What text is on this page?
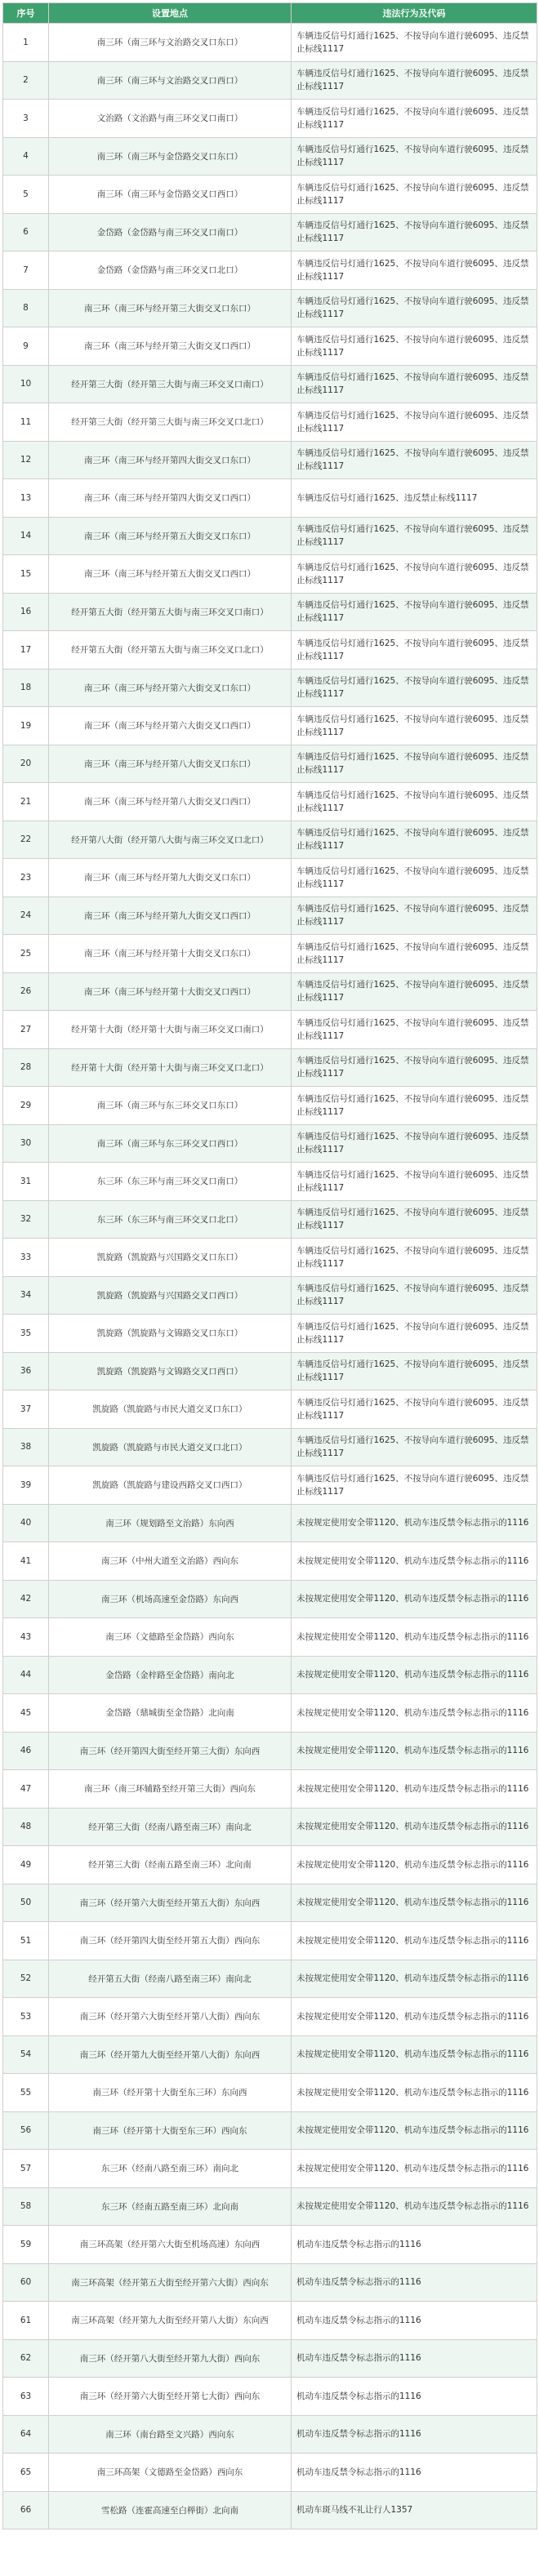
序号	设置地点	违法行为及代码
1	南三环（南三环与文治路交叉口东口）	车辆违反信号灯通行1625、不按导向车道行驶6095、违反禁止标线1117
2	南三环（南三环与文治路交叉口西口）	车辆违反信号灯通行1625、不按导向车道行驶6095、违反禁止标线1117
3	文治路（文治路与南三环交叉口南口）	车辆违反信号灯通行1625、不按导向车道行驶6095、违反禁止标线1117
4	南三环（南三环与金岱路交叉口东口）	车辆违反信号灯通行1625、不按导向车道行驶6095、违反禁止标线1117
5	南三环（南三环与金岱路交叉口西口）	车辆违反信号灯通行1625、不按导向车道行驶6095、违反禁止标线1117
6	金岱路（金岱路与南三环交叉口南口）	车辆违反信号灯通行1625、不按导向车道行驶6095、违反禁止标线1117
7	金岱路（金岱路与南三环交叉口北口）	车辆违反信号灯通行1625、不按导向车道行驶6095、违反禁止标线1117
8	南三环（南三环与经开第三大街交叉口东口）	车辆违反信号灯通行1625、不按导向车道行驶6095、违反禁止标线1117
9	南三环（南三环与经开第三大街交叉口西口）	车辆违反信号灯通行1625、不按导向车道行驶6095、违反禁止标线1117
10	经开第三大街（经开第三大街与南三环交叉口南口）	车辆违反信号灯通行1625、不按导向车道行驶6095、违反禁止标线1117
11	经开第三大街（经开第三大街与南三环交叉口北口）	车辆违反信号灯通行1625、不按导向车道行驶6095、违反禁止标线1117
12	南三环（南三环与经开第四大街交叉口东口）	车辆违反信号灯通行1625、不按导向车道行驶6095、违反禁止标线1117
13	南三环（南三环与经开第四大街交叉口西口）	车辆违反信号灯通行1625、违反禁止标线1117
14	南三环（南三环与经开第五大街交叉口东口）	车辆违反信号灯通行1625、不按导向车道行驶6095、违反禁止标线1117
15	南三环（南三环与经开第五大街交叉口西口）	车辆违反信号灯通行1625、不按导向车道行驶6095、违反禁止标线1117
16	经开第五大街（经开第五大街与南三环交叉口南口）	车辆违反信号灯通行1625、不按导向车道行驶6095、违反禁止标线1117
17	经开第五大街（经开第五大街与南三环交叉口北口）	车辆违反信号灯通行1625、不按导向车道行驶6095、违反禁止标线1117
18	南三环（南三环与经开第六大街交叉口东口）	车辆违反信号灯通行1625、不按导向车道行驶6095、违反禁止标线1117
19	南三环（南三环与经开第六大街交叉口西口）	车辆违反信号灯通行1625、不按导向车道行驶6095、违反禁止标线1117
20	南三环（南三环与经开第八大街交叉口东口）	车辆违反信号灯通行1625、不按导向车道行驶6095、违反禁止标线1117
21	南三环（南三环与经开第八大街交叉口西口）	车辆违反信号灯通行1625、不按导向车道行驶6095、违反禁止标线1117
22	经开第八大街（经开第八大街与南三环交叉口北口）	车辆违反信号灯通行1625、不按导向车道行驶6095、违反禁止标线1117
23	南三环（南三环与经开第九大街交叉口东口）	车辆违反信号灯通行1625、不按导向车道行驶6095、违反禁止标线1117
24	南三环（南三环与经开第九大街交叉口西口）	车辆违反信号灯通行1625、不按导向车道行驶6095、违反禁止标线1117
25	南三环（南三环与经开第十大街交叉口东口）	车辆违反信号灯通行1625、不按导向车道行驶6095、违反禁止标线1117
26	南三环（南三环与经开第十大街交叉口西口）	车辆违反信号灯通行1625、不按导向车道行驶6095、违反禁止标线1117
27	经开第十大街（经开第十大街与南三环交叉口南口）	车辆违反信号灯通行1625、不按导向车道行驶6095、违反禁止标线1117
28	经开第十大街（经开第十大街与南三环交叉口北口）	车辆违反信号灯通行1625、不按导向车道行驶6095、违反禁止标线1117
29	南三环（南三环与东三环交叉口东口）	车辆违反信号灯通行1625、不按导向车道行驶6095、违反禁止标线1117
30	南三环（南三环与东三环交叉口西口）	车辆违反信号灯通行1625、不按导向车道行驶6095、违反禁止标线1117
31	东三环（东三环与南三环交叉口南口）	车辆违反信号灯通行1625、不按导向车道行驶6095、违反禁止标线1117
32	东三环（东三环与南三环交叉口北口）	车辆违反信号灯通行1625、不按导向车道行驶6095、违反禁止标线1117
33	凯旋路（凯旋路与兴国路交叉口东口）	车辆违反信号灯通行1625、不按导向车道行驶6095、违反禁止标线1117
34	凯旋路（凯旋路与兴国路交叉口西口）	车辆违反信号灯通行1625、不按导向车道行驶6095、违反禁止标线1117
35	凯旋路（凯旋路与文锦路交叉口东口）	车辆违反信号灯通行1625、不按导向车道行驶6095、违反禁止标线1117
36	凯旋路（凯旋路与文锦路交叉口西口）	车辆违反信号灯通行1625、不按导向车道行驶6095、违反禁止标线1117
37	凯旋路（凯旋路与市民大道交叉口东口）	车辆违反信号灯通行1625、不按导向车道行驶6095、违反禁止标线1117
38	凯旋路（凯旋路与市民大道交叉口北口）	车辆违反信号灯通行1625、不按导向车道行驶6095、违反禁止标线1117
39	凯旋路（凯旋路与建设西路交叉口西口）	车辆违反信号灯通行1625、不按导向车道行驶6095、违反禁止标线1117
40	南三环（规划路至文治路）东向西	未按规定使用安全带1120、机动车违反禁令标志指示的1116
41	南三环（中州大道至文治路）西向东	未按规定使用安全带1120、机动车违反禁令标志指示的1116
42	南三环（机场高速至金岱路）东向西	未按规定使用安全带1120、机动车违反禁令标志指示的1116
43	南三环（文德路至金岱路）西向东	未按规定使用安全带1120、机动车违反禁令标志指示的1116
44	金岱路（金梓路至金岱路）南向北	未按规定使用安全带1120、机动车违反禁令标志指示的1116
45	金岱路（鼎城街至金岱路）北向南	未按规定使用安全带1120、机动车违反禁令标志指示的1116
46	南三环（经开第四大街至经开第三大街）东向西	未按规定使用安全带1120、机动车违反禁令标志指示的1116
47	南三环（南三环辅路至经开第三大街）西向东	未按规定使用安全带1120、机动车违反禁令标志指示的1116
48	经开第三大街（经南八路至南三环）南向北	未按规定使用安全带1120、机动车违反禁令标志指示的1116
49	经开第三大街（经南五路至南三环）北向南	未按规定使用安全带1120、机动车违反禁令标志指示的1116
50	南三环（经开第六大街至经开第五大街）东向西	未按规定使用安全带1120、机动车违反禁令标志指示的1116
51	南三环（经开第四大街至经开第五大街）西向东	未按规定使用安全带1120、机动车违反禁令标志指示的1116
52	经开第五大街（经南八路至南三环）南向北	未按规定使用安全带1120、机动车违反禁令标志指示的1116
53	南三环（经开第六大街至经开第八大街）西向东	未按规定使用安全带1120、机动车违反禁令标志指示的1116
54	南三环（经开第九大街至经开第八大街）东向西	未按规定使用安全带1120、机动车违反禁令标志指示的1116
55	南三环（经开第十大街至东三环）东向西	未按规定使用安全带1120、机动车违反禁令标志指示的1116
56	南三环（经开第十大街至东三环）西向东	未按规定使用安全带1120、机动车违反禁令标志指示的1116
57	东三环（经南八路至南三环）南向北	未按规定使用安全带1120、机动车违反禁令标志指示的1116
58	东三环（经南五路至南三环）北向南	未按规定使用安全带1120、机动车违反禁令标志指示的1116
59	南三环高架（经开第六大街至机场高速）东向西	机动车违反禁令标志指示的1116
60	南三环高架（经开第五大街至经开第六大街）西向东	机动车违反禁令标志指示的1116
61	南三环高架（经开第九大街至经开第八大街）东向西	机动车违反禁令标志指示的1116
62	南三环（经开第八大街至经开第九大街）西向东	机动车违反禁令标志指示的1116
63	南三环（经开第六大街至经开第七大街）西向东	机动车违反禁令标志指示的1116
64	南三环（南台路至文兴路）西向东	机动车违反禁令标志指示的1116
65	南三环高架（文德路至金岱路）西向东	机动车违反禁令标志指示的1116
66	雪松路（连霍高速至白榉街）北向南	机动车斑马线不礼让行人1357
